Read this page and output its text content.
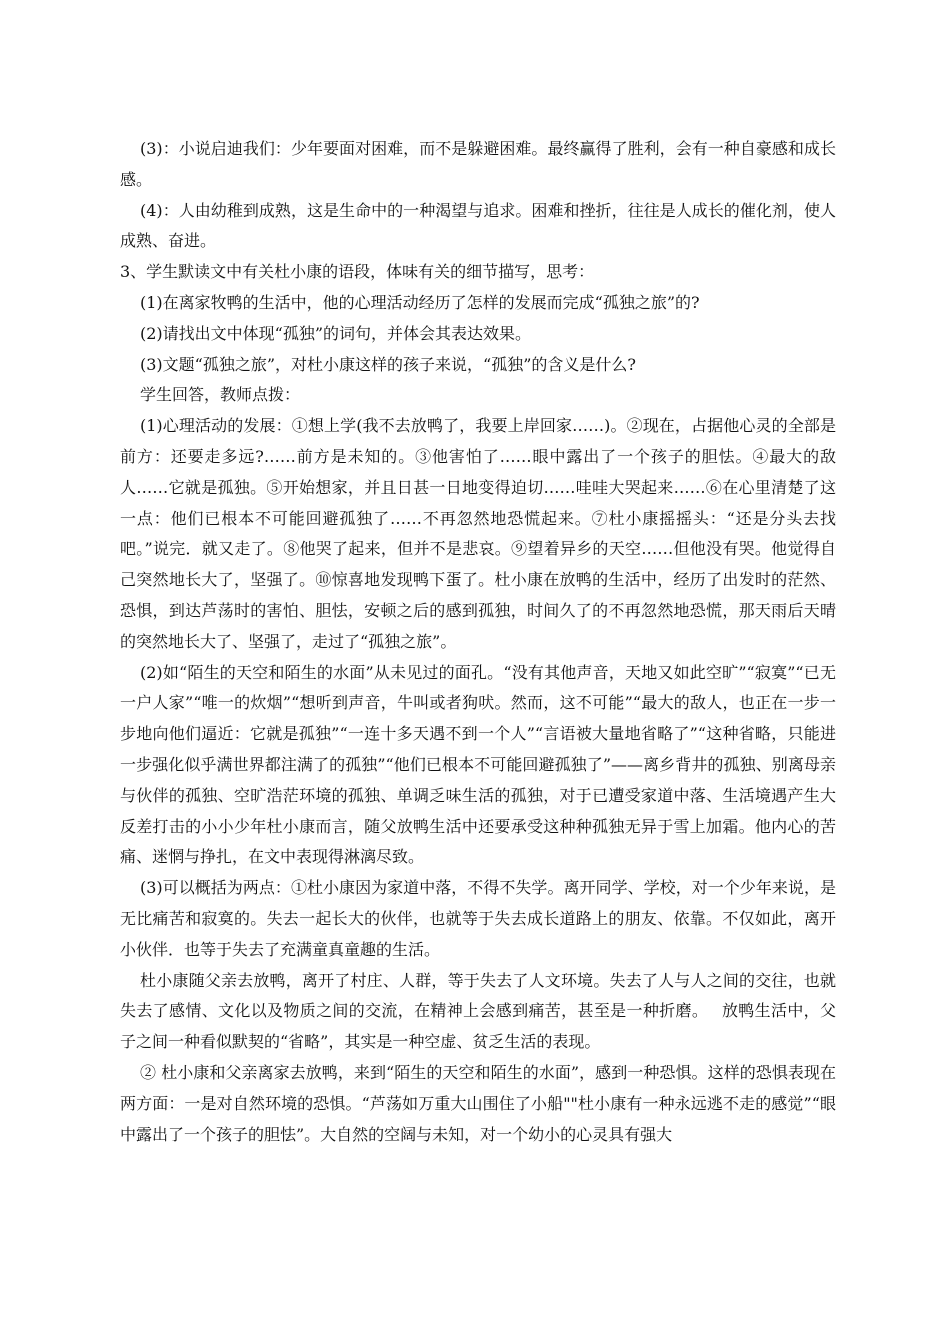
(3)：小说启迪我们：少年要面对困难，而不是躲避困难。最终赢得了胜利，会有一种自豪感和成长感。

(4)：人由幼稚到成熟，这是生命中的一种渴望与追求。困难和挫折，往往是人成长的催化剂，使人成熟、奋进。

3、学生默读文中有关杜小康的语段，体味有关的细节描写，思考：

(1)在离家牧鸭的生活中，他的心理活动经历了怎样的发展而完成“孤独之旅”的?

(2)请找出文中体现“孤独”的词句，并体会其表达效果。

(3)文题“孤独之旅”，对杜小康这样的孩子来说，“孤独”的含义是什么?

学生回答，教师点拨：

(1)心理活动的发展：①想上学(我不去放鸭了，我要上岸回家……)。②现在，占据他心灵的全部是前方：还要走多远?……前方是未知的。③他害怕了……眼中露出了一个孩子的胆怯。④最大的敌人……它就是孤独。⑤开始想家，并且日甚一日地变得迫切……哇哇大哭起来……⑥在心里清楚了这一点：他们已根本不可能回避孤独了……不再忽然地恐慌起来。⑦杜小康摇摇头：“还是分头去找吧。”说完．就又走了。⑧他哭了起来，但并不是悲哀。⑨望着异乡的天空……但他没有哭。他觉得自己突然地长大了，坚强了。⑩惊喜地发现鸭下蛋了。杜小康在放鸭的生活中，经历了出发时的茫然、恐惧，到达芦荡时的害怕、胆怯，安顿之后的感到孤独，时间久了的不再忽然地恐慌，那天雨后天晴的突然地长大了、坚强了，走过了“孤独之旅”。

(2)如“陌生的天空和陌生的水面”从未见过的面孔。“没有其他声音，天地又如此空旷”“寂寞”“已无一户人家”“唯一的炊烟”“想听到声音，牛叫或者狗吠。然而，这不可能”“最大的敌人，也正在一步一步地向他们逼近：它就是孤独”“一连十多天遇不到一个人”“言语被大量地省略了”“这种省略，只能进一步强化似乎满世界都注满了的孤独”“他们已根本不可能回避孤独了”——离乡背井的孤独、别离母亲与伙伴的孤独、空旷浩茫环境的孤独、单调乏味生活的孤独，对于已遭受家道中落、生活境遇产生大反差打击的小小少年杜小康而言，随父放鸭生活中还要承受这种种孤独无异于雪上加霜。他内心的苦痛、迷惘与挣扎，在文中表现得淋漓尽致。

(3)可以概括为两点：①杜小康因为家道中落，不得不失学。离开同学、学校，对一个少年来说，是无比痛苦和寂寞的。失去一起长大的伙伴，也就等于失去成长道路上的朋友、依靠。不仅如此，离开小伙伴．也等于失去了充满童真童趣的生活。

杜小康随父亲去放鸭，离开了村庄、人群，等于失去了人文环境。失去了人与人之间的交往，也就失去了感情、文化以及物质之间的交流，在精神上会感到痛苦，甚至是一种折磨。　 放鸭生活中，父子之间一种看似默契的“省略”，其实是一种空虚、贫乏生活的表现。

② 杜小康和父亲离家去放鸭，来到“陌生的天空和陌生的水面”，感到一种恐惧。这样的恐惧表现在两方面：一是对自然环境的恐惧。“芦荡如万重大山围住了小船""杜小康有一种永远逃不走的感觉”“眼中露出了一个孩子的胆怯”。大自然的空阔与未知，对一个幼小的心灵具有强大
